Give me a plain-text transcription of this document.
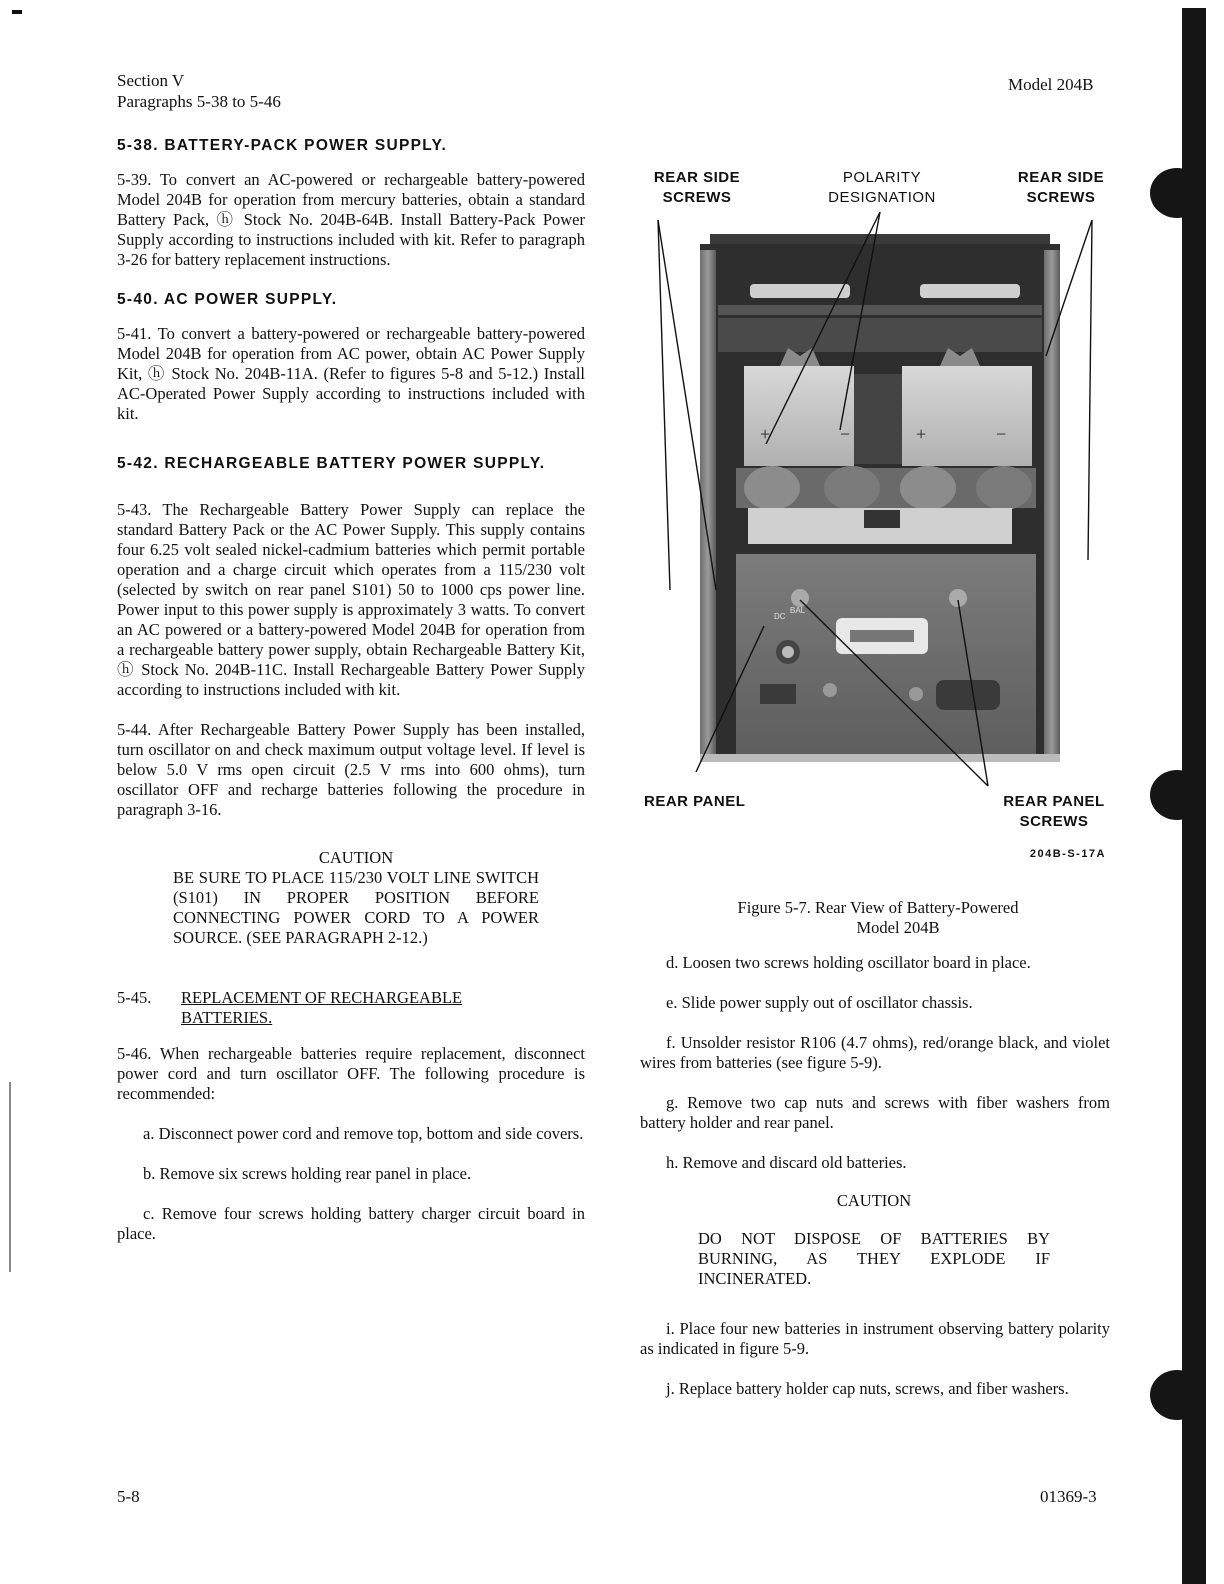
Section V
Paragraphs 5-38 to 5-46
Model 204B
5-38. BATTERY-PACK POWER SUPPLY.
5-39. To convert an AC-powered or rechargeable battery-powered Model 204B for operation from mercury batteries, obtain a standard Battery Pack, ⓗ Stock No. 204B-64B. Install Battery-Pack Power Supply according to instructions included with kit. Refer to paragraph 3-26 for battery replacement instructions.
5-40. AC POWER SUPPLY.
5-41. To convert a battery-powered or rechargeable battery-powered Model 204B for operation from AC power, obtain AC Power Supply Kit, ⓗ Stock No. 204B-11A. (Refer to figures 5-8 and 5-12.) Install AC-Operated Power Supply according to instructions included with kit.
5-42. RECHARGEABLE BATTERY POWER SUPPLY.
5-43. The Rechargeable Battery Power Supply can replace the standard Battery Pack or the AC Power Supply. This supply contains four 6.25 volt sealed nickel-cadmium batteries which permit portable operation and a charge circuit which operates from a 115/230 volt (selected by switch on rear panel S101) 50 to 1000 cps power line. Power input to this power supply is approximately 3 watts. To convert an AC powered or a battery-powered Model 204B for operation from a rechargeable battery power supply, obtain Rechargeable Battery Kit, ⓗ Stock No. 204B-11C. Install Rechargeable Battery Power Supply according to instructions included with kit.
5-44. After Rechargeable Battery Power Supply has been installed, turn oscillator on and check maximum output voltage level. If level is below 5.0 V rms open circuit (2.5 V rms into 600 ohms), turn oscillator OFF and recharge batteries following the procedure in paragraph 3-16.
CAUTION
BE SURE TO PLACE 115/230 VOLT LINE SWITCH (S101) IN PROPER POSITION BEFORE CONNECTING POWER CORD TO A POWER SOURCE. (SEE PARAGRAPH 2-12.)
5-45.	REPLACEMENT OF RECHARGEABLE BATTERIES.
5-46. When rechargeable batteries require replacement, disconnect power cord and turn oscillator OFF. The following procedure is recommended:
a. Disconnect power cord and remove top, bottom and side covers.
b. Remove six screws holding rear panel in place.
c. Remove four screws holding battery charger circuit board in place.
REAR SIDE SCREWS
POLARITY DESIGNATION
REAR SIDE SCREWS
+	−	+	−
DC
BAL
REAR PANEL	REAR PANEL SCREWS
204B-S-17A
Figure 5-7. Rear View of Battery-Powered
Model 204B
d. Loosen two screws holding oscillator board in place.
e. Slide power supply out of oscillator chassis.
f. Unsolder resistor R106 (4.7 ohms), red/orange black, and violet wires from batteries (see figure 5-9).
g. Remove two cap nuts and screws with fiber washers from battery holder and rear panel.
h. Remove and discard old batteries.
CAUTION
DO NOT DISPOSE OF BATTERIES BY BURNING, AS THEY EXPLODE IF INCINERATED.
i. Place four new batteries in instrument observing battery polarity as indicated in figure 5-9.
j. Replace battery holder cap nuts, screws, and fiber washers.
5-8	01369-3
